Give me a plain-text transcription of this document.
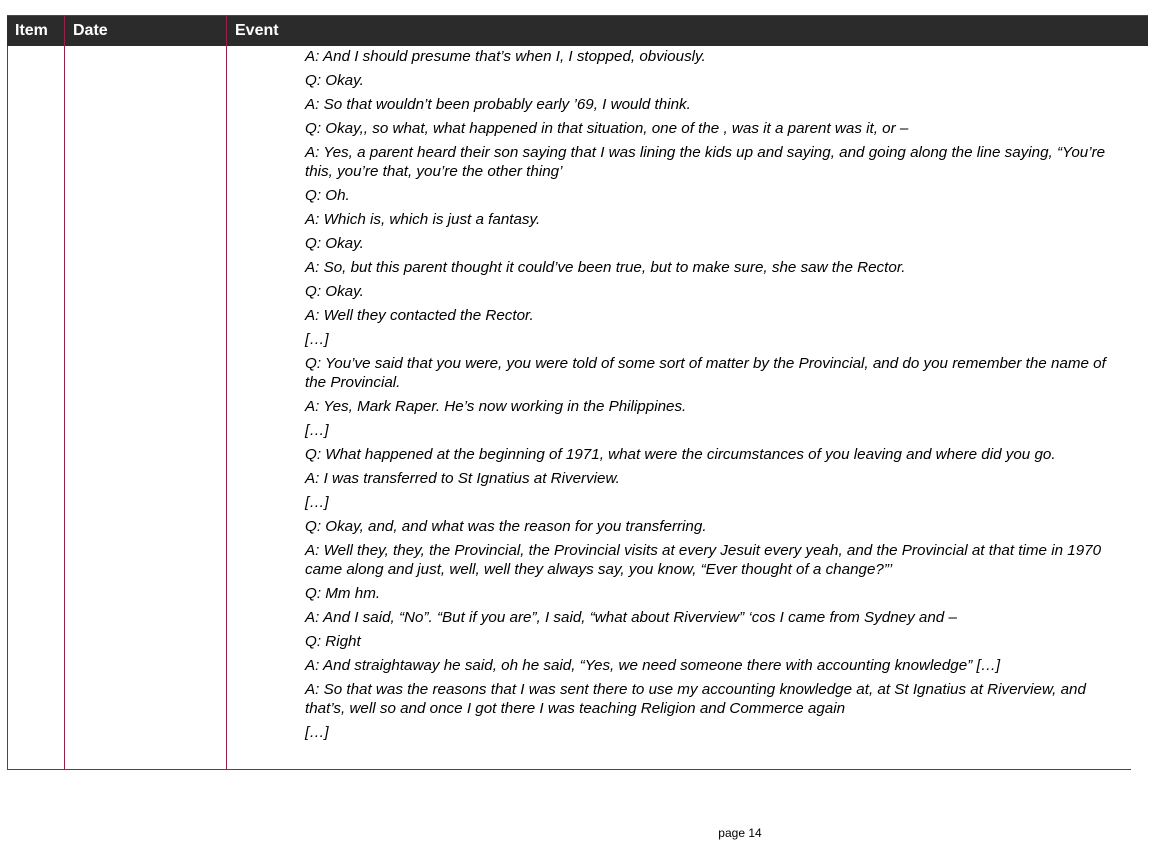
Item	Date	Event

A: And I should presume that’s when I, I stopped, obviously.

Q: Okay.

A: So that wouldn’t been probably early ’69, I would think.

Q: Okay,, so what, what happened in that situation, one of the , was it a parent was it, or –

A: Yes, a parent heard their son saying that I was lining the kids up and saying, and going along the line saying, “You’re this, you’re that, you’re the other thing’

Q: Oh.

A: Which is, which is just a fantasy.

Q: Okay.

A: So, but this parent thought it could’ve been true, but to make sure, she saw the Rector.

Q: Okay.

A: Well they contacted the Rector.

[…]

Q: You’ve said that you were, you were told of some sort of matter by the Provincial, and do you remember the name of the Provincial.

A: Yes, Mark Raper. He’s now working in the Philippines.

[…]

Q: What happened at the beginning of 1971, what were the circumstances of you leaving and where did you go.

A: I was transferred to St Ignatius at Riverview.

[…]

Q: Okay, and, and what was the reason for you transferring.

A: Well they, they, the Provincial, the Provincial visits at every Jesuit every yeah, and the Provincial at that time in 1970 came along and just, well, well they always say, you know, “Ever thought of a change?”’

Q: Mm hm.

A: And I said, “No”. “But if you are”, I said, “what about Riverview” ‘cos I came from Sydney and –

Q: Right

A: And straightaway he said, oh he said, “Yes, we need someone there with accounting knowledge” […]

A: So that was the reasons that I was sent there to use my accounting knowledge at, at St Ignatius at Riverview, and that’s, well so and once I got there I was teaching Religion and Commerce again

[…]

page 14
